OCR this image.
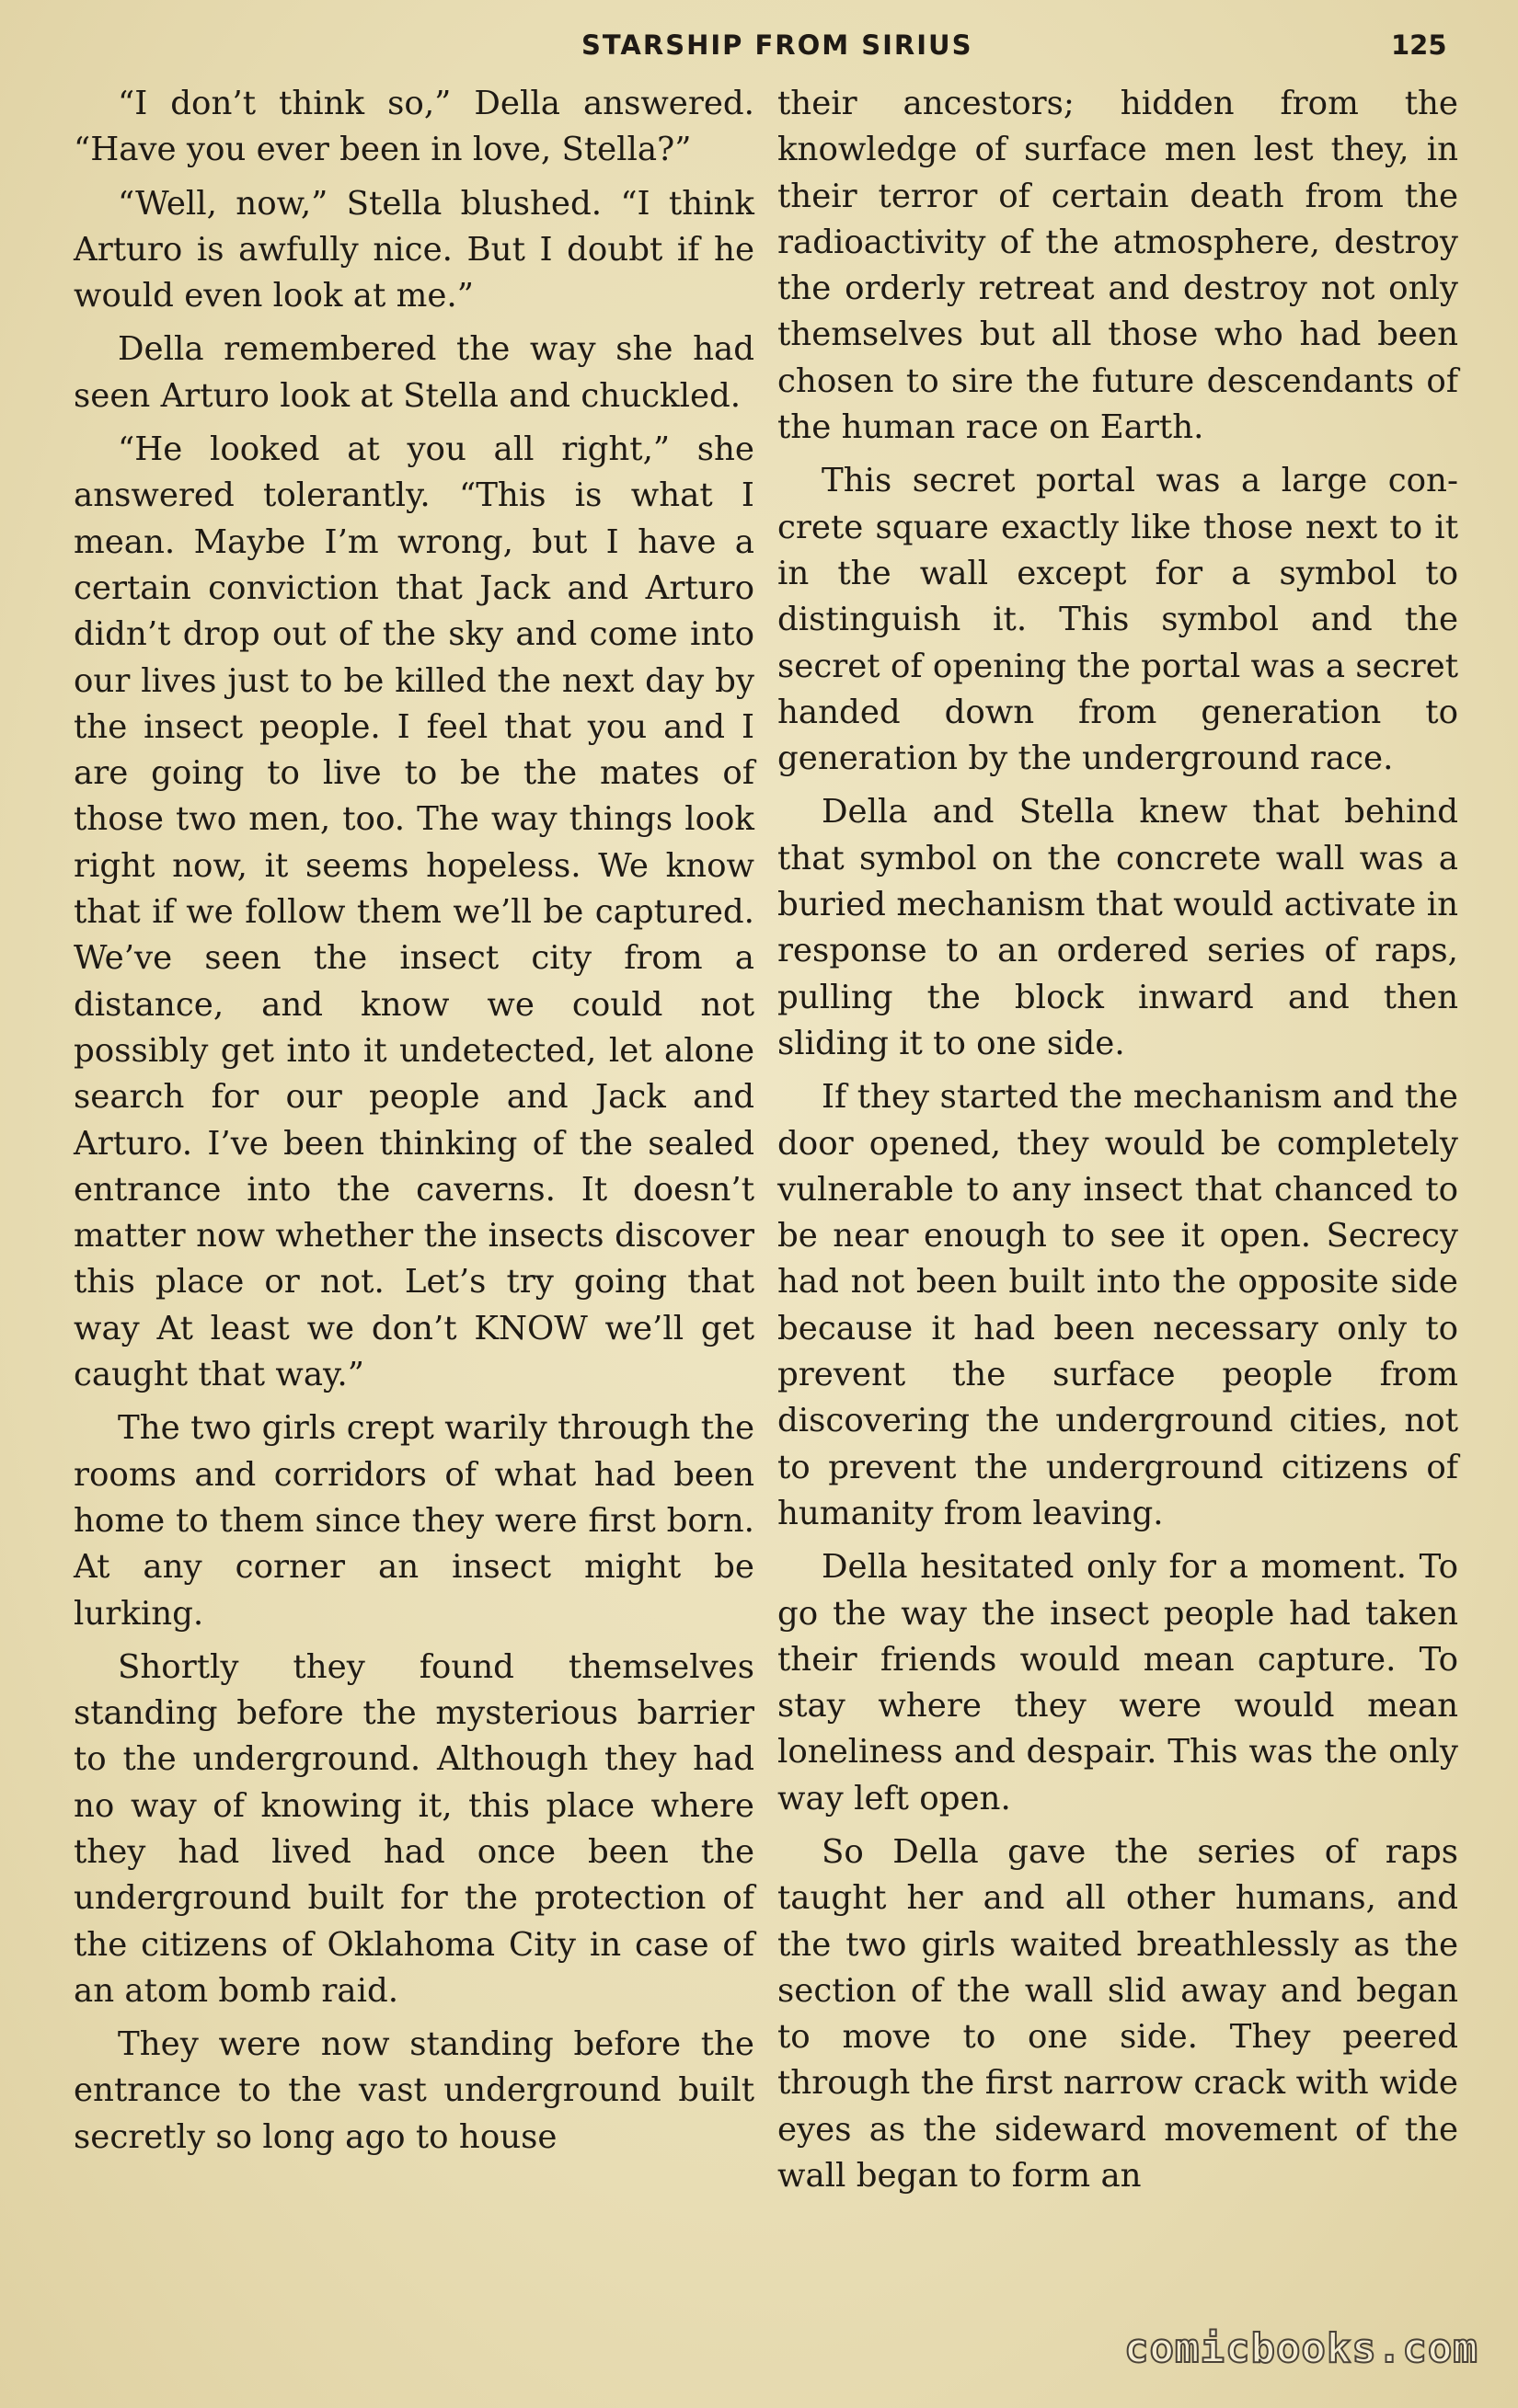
STARSHIP FROM SIRIUS	125

“I don’t think so,” Della answered. “Have you ever been in love, Stella?”

“Well, now,” Stella blushed. “I think Arturo is awfully nice. But I doubt if he would even look at me.”

Della remembered the way she had seen Arturo look at Stella and chuckled.

“He looked at you all right,” she answered tolerantly. “This is what I mean. Maybe I’m wrong, but I have a certain conviction that Jack and Arturo didn’t drop out of the sky and come into our lives just to be killed the next day by the insect people. I feel that you and I are going to live to be the mates of those two men, too. The way things look right now, it seems hopeless. We know that if we follow them we’ll be captured. We’ve seen the insect city from a distance, and know we could not possibly get into it undetected, let alone search for our people and Jack and Arturo. I’ve been thinking of the sealed entrance into the caverns. It doesn’t matter now whether the insects discover this place or not. Let’s try going that way At least we don’t KNOW we’ll get caught that way.”

The two girls crept warily through the rooms and corridors of what had been home to them since they were first born. At any corner an insect might be lurking.

Shortly they found themselves standing before the mysterious barrier to the underground. Although they had no way of knowing it, this place where they had lived had once been the underground built for the protection of the citizens of Oklahoma City in case of an atom bomb raid.

They were now standing before the entrance to the vast underground built secretly so long ago to house

their ancestors; hidden from the knowledge of surface men lest they, in their terror of certain death from the radioactivity of the atmosphere, destroy the orderly retreat and destroy not only themselves but all those who had been chosen to sire the future descendants of the human race on Earth.

This secret portal was a large concrete square exactly like those next to it in the wall except for a symbol to distinguish it. This symbol and the secret of opening the portal was a secret handed down from generation to generation by the underground race.

Della and Stella knew that behind that symbol on the concrete wall was a buried mechanism that would activate in response to an ordered series of raps, pulling the block inward and then sliding it to one side.

If they started the mechanism and the door opened, they would be completely vulnerable to any insect that chanced to be near enough to see it open. Secrecy had not been built into the opposite side because it had been necessary only to prevent the surface people from discovering the underground cities, not to prevent the underground citizens of humanity from leaving.

Della hesitated only for a moment. To go the way the insect people had taken their friends would mean capture. To stay where they were would mean loneliness and despair. This was the only way left open.

So Della gave the series of raps taught her and all other humans, and the two girls waited breathlessly as the section of the wall slid away and began to move to one side. They peered through the first narrow crack with wide eyes as the sideward movement of the wall began to form an

comicbooks.com
